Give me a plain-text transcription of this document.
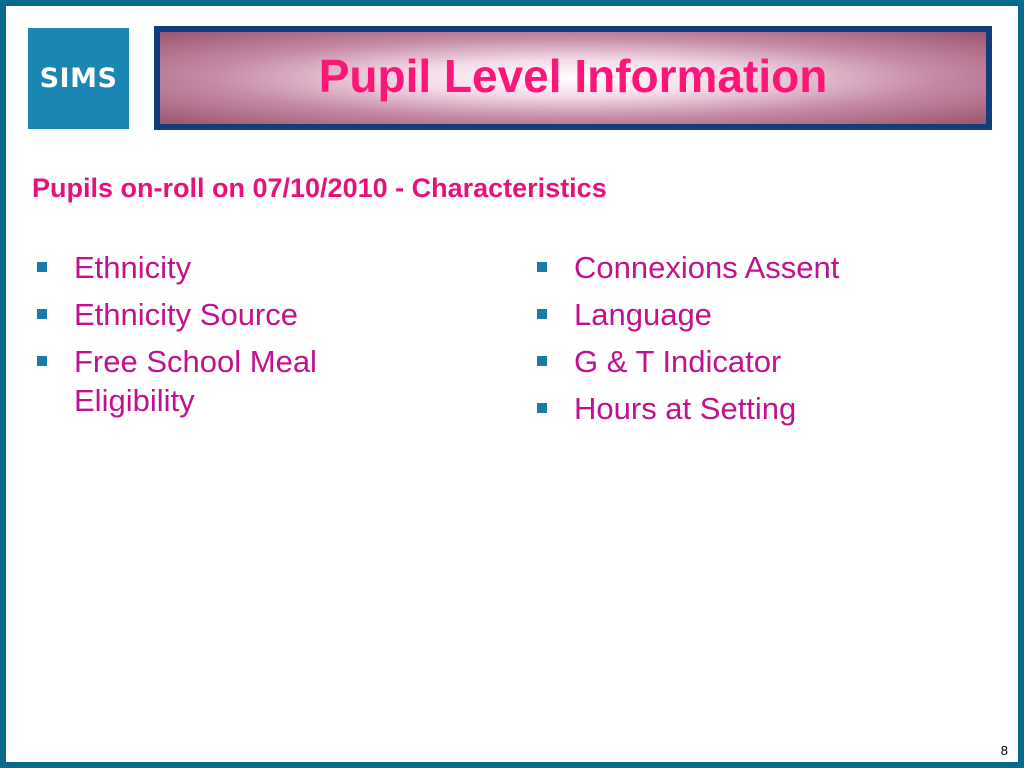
SIMS	Pupil Level Information
Pupils on-roll on 07/10/2010 - Characteristics
Ethnicity
Ethnicity Source
Free School Meal Eligibility
Connexions Assent
Language
G & T Indicator
Hours at Setting
8
